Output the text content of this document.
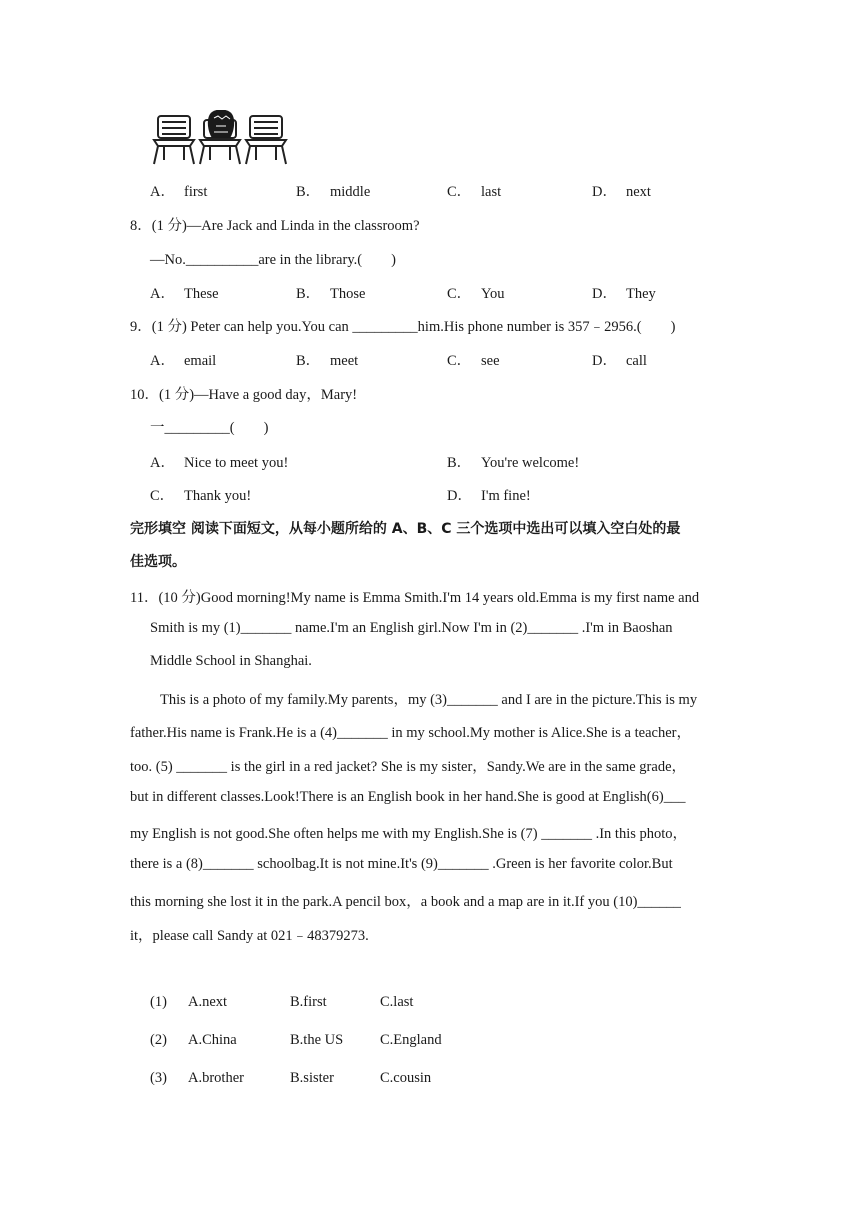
A． first	B． middle	C． last	D． next
8．(1 分)—Are Jack and Linda in the classroom?
—No.__________are in the library.(　　)
A． These	B． Those	C． You	D． They
9．(1 分) Peter can help you.You can _________him.His phone number is 357﹣2956.(　　)
A． email	B． meet	C． see	D． call
10．(1 分)—Have a good day，Mary!
一_________(　　)
A． Nice to meet you!	B． You're welcome!
C． Thank you!	D． I'm fine!
完形填空 阅读下面短文，从每小题所给的 A、B、C 三个选项中选出可以填入空白处的最
佳选项。
11．(10 分)Good morning!My name is Emma Smith.I'm 14 years old.Emma is my first name and
Smith is my (1)_______ name.I'm an English girl.Now I'm in (2)_______ .I'm in Baoshan
Middle School in Shanghai.
This is a photo of my family.My parents，my (3)_______ and I are in the picture.This is my
father.His name is Frank.He is a (4)_______ in my school.My mother is Alice.She is a teacher，
too. (5) _______ is the girl in a red jacket? She is my sister，Sandy.We are in the same grade，
but in different classes.Look!There is an English book in her hand.She is good at English(6)___
my English is not good.She often helps me with my English.She is (7) _______ .In this photo，
there is a (8)_______ schoolbag.It is not mine.It's (9)_______ .Green is her favorite color.But
this morning she lost it in the park.A pencil box，a book and a map are in it.If you (10)______
it，please call Sandy at 021﹣48379273.
(1) A.next	B.first	C.last
(2) A.China	B.the US	C.England
(3) A.brother	B.sister	C.cousin
